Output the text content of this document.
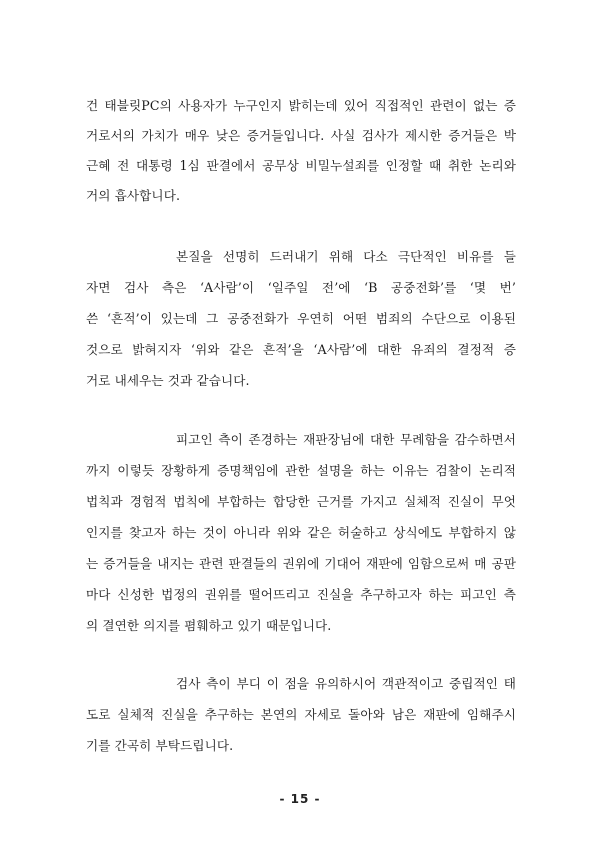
건 태블릿PC의 사용자가 누구인지 밝히는데 있어 직접적인 관련이 없는 증
거로서의 가치가 매우 낮은 증거들입니다. 사실 검사가 제시한 증거들은 박
근혜 전 대통령 1심 판결에서 공무상 비밀누설죄를 인정할 때 취한 논리와
거의 흡사합니다.
본질을 선명히 드러내기 위해 다소 극단적인 비유를 들
자면 검사 측은 ‘A사람’이 ‘일주일 전’에 ‘B 공중전화’를 ‘몇 번’
쓴 ‘흔적’이 있는데 그 공중전화가 우연히 어떤 범죄의 수단으로 이용된
것으로 밝혀지자 ‘위와 같은 흔적’을 ‘A사람’에 대한 유죄의 결정적 증
거로 내세우는 것과 같습니다.
피고인 측이 존경하는 재판장님에 대한 무례함을 감수하면서
까지 이렇듯 장황하게 증명책임에 관한 설명을 하는 이유는 검찰이 논리적
법칙과 경험적 법칙에 부합하는 합당한 근거를 가지고 실체적 진실이 무엇
인지를 찾고자 하는 것이 아니라 위와 같은 허술하고 상식에도 부합하지 않
는 증거들을 내지는 관련 판결들의 권위에 기대어 재판에 임함으로써 매 공판
마다 신성한 법정의 권위를 떨어뜨리고 진실을 추구하고자 하는 피고인 측
의 결연한 의지를 폄훼하고 있기 때문입니다.
검사 측이 부디 이 점을 유의하시어 객관적이고 중립적인 태
도로 실체적 진실을 추구하는 본연의 자세로 돌아와 남은 재판에 임해주시
기를 간곡히 부탁드립니다.
- 15 -
